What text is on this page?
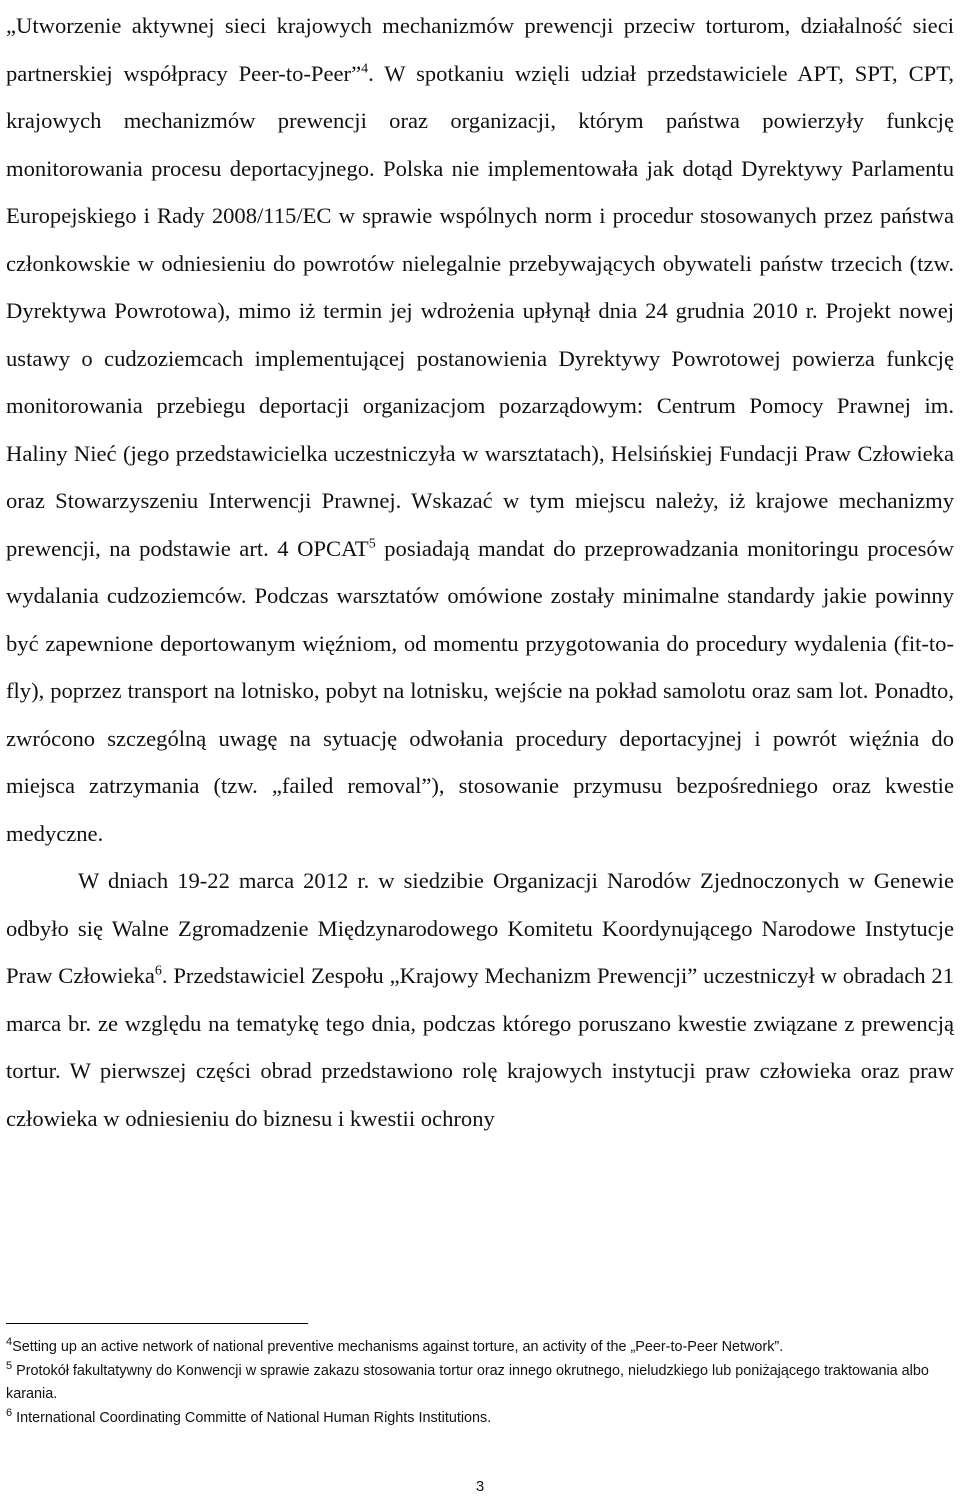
„Utworzenie aktywnej sieci krajowych mechanizmów prewencji przeciw torturom, działalność sieci partnerskiej współpracy Peer-to-Peer”$^4$. W spotkaniu wzięli udział przedstawiciele APT, SPT, CPT, krajowych mechanizmów prewencji oraz organizacji, którym państwa powierzyły funkcję monitorowania procesu deportacyjnego. Polska nie implementowała jak dotąd Dyrektywy Parlamentu Europejskiego i Rady 2008/115/EC w sprawie wspólnych norm i procedur stosowanych przez państwa członkowskie w odniesieniu do powrotów nielegalnie przebywających obywateli państw trzecich (tzw. Dyrektywa Powrotowa), mimo iż termin jej wdrożenia upłynął dnia 24 grudnia 2010 r. Projekt nowej ustawy o cudzoziemcach implementującej postanowienia Dyrektywy Powrotowej powierza funkcję monitorowania przebiegu deportacji organizacjom pozarządowym: Centrum Pomocy Prawnej im. Haliny Nieć (jego przedstawicielka uczestniczyła w warsztatach), Helsińskiej Fundacji Praw Człowieka oraz Stowarzyszeniu Interwencji Prawnej. Wskazać w tym miejscu należy, iż krajowe mechanizmy prewencji, na podstawie art. 4 OPCAT$^5$ posiadają mandat do przeprowadzania monitoringu procesów wydalania cudzoziemców. Podczas warsztatów omówione zostały minimalne standardy jakie powinny być zapewnione deportowanym więźniom, od momentu przygotowania do procedury wydalenia (fit-to-fly), poprzez transport na lotnisko, pobyt na lotnisku, wejście na pokład samolotu oraz sam lot. Ponadto, zwrócono szczególną uwagę na sytuację odwołania procedury deportacyjnej i powrót więźnia do miejsca zatrzymania (tzw. „failed removal”), stosowanie przymusu bezpośredniego oraz kwestie medyczne.

W dniach 19-22 marca 2012 r. w siedzibie Organizacji Narodów Zjednoczonych w Genewie odbyło się Walne Zgromadzenie Międzynarodowego Komitetu Koordynującego Narodowe Instytucje Praw Człowieka$^6$. Przedstawiciel Zespołu „Krajowy Mechanizm Prewencji” uczestniczył w obradach 21 marca br. ze względu na tematykę tego dnia, podczas którego poruszano kwestie związane z prewencją tortur. W pierwszej części obrad przedstawiono rolę krajowych instytucji praw człowieka oraz praw człowieka w odniesieniu do biznesu i kwestii ochrony

$^4$Setting up an active network of national preventive mechanisms against torture, an activity of the „Peer-to-Peer Network”.

$^5$ Protokół fakultatywny do Konwencji w sprawie zakazu stosowania tortur oraz innego okrutnego, nieludzkiego lub poniżającego traktowania albo karania.

$^6$ International Coordinating Committe of National Human Rights Institutions.

3
